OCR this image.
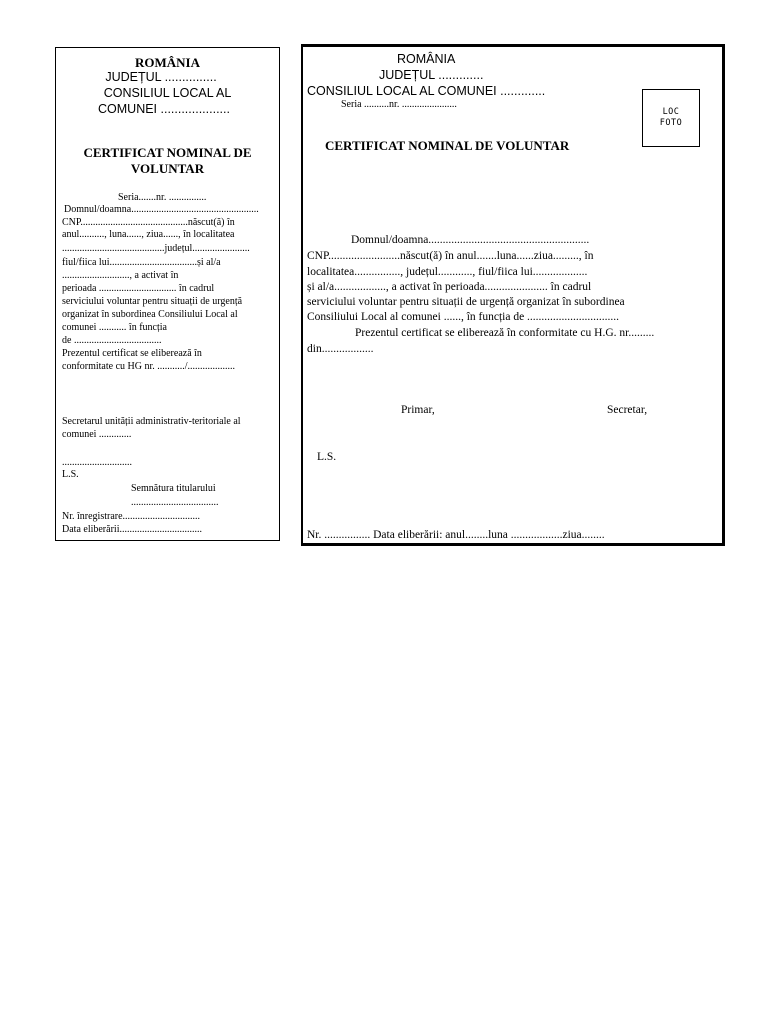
ROMÂNIA
JUDEȚUL ...............
CONSILIUL LOCAL AL
COMUNEI ....................
CERTIFICAT NOMINAL DE
VOLUNTAR
Seria.......nr. ...............
Domnul/doamna...................................................
CNP...........................................născut(ă) în
anul.........., luna......, ziua......, în localitatea
.........................................județul.......................
fiul/fiica lui...................................și al/a
..........................., a activat în
perioada ............................... în cadrul
serviciului voluntar pentru situații de urgență
organizat în subordinea Consiliului Local al
comunei ........... în funcția
de ...................................
Prezentul certificat se eliberează în
conformitate cu HG nr. .........../...................
Secretarul unității administrativ-teritoriale al
comunei .............
............................
L.S.
Semnătura titularului
...................................
Nr. înregistrare...............................
Data eliberării.................................
ROMÂNIA
JUDEȚUL .............
CONSILIUL LOCAL AL COMUNEI .............
Seria ..........nr. ......................
LOC
FOTO
CERTIFICAT NOMINAL DE VOLUNTAR
Domnul/doamna........................................................
CNP.........................născut(ă) în anul.......luna......ziua........., în
localitatea................, județul............, fiul/fiica lui...................
și al/a.................., a activat în perioada...................... în cadrul
serviciului voluntar pentru situații de urgență organizat în subordinea
Consiliului Local al comunei ......, în funcția de ................................
Prezentul certificat se eliberează în conformitate cu H.G. nr.........
din..................
Primar,	Secretar,
L.S.
Nr. ................ Data eliberării: anul........luna ..................ziua........
